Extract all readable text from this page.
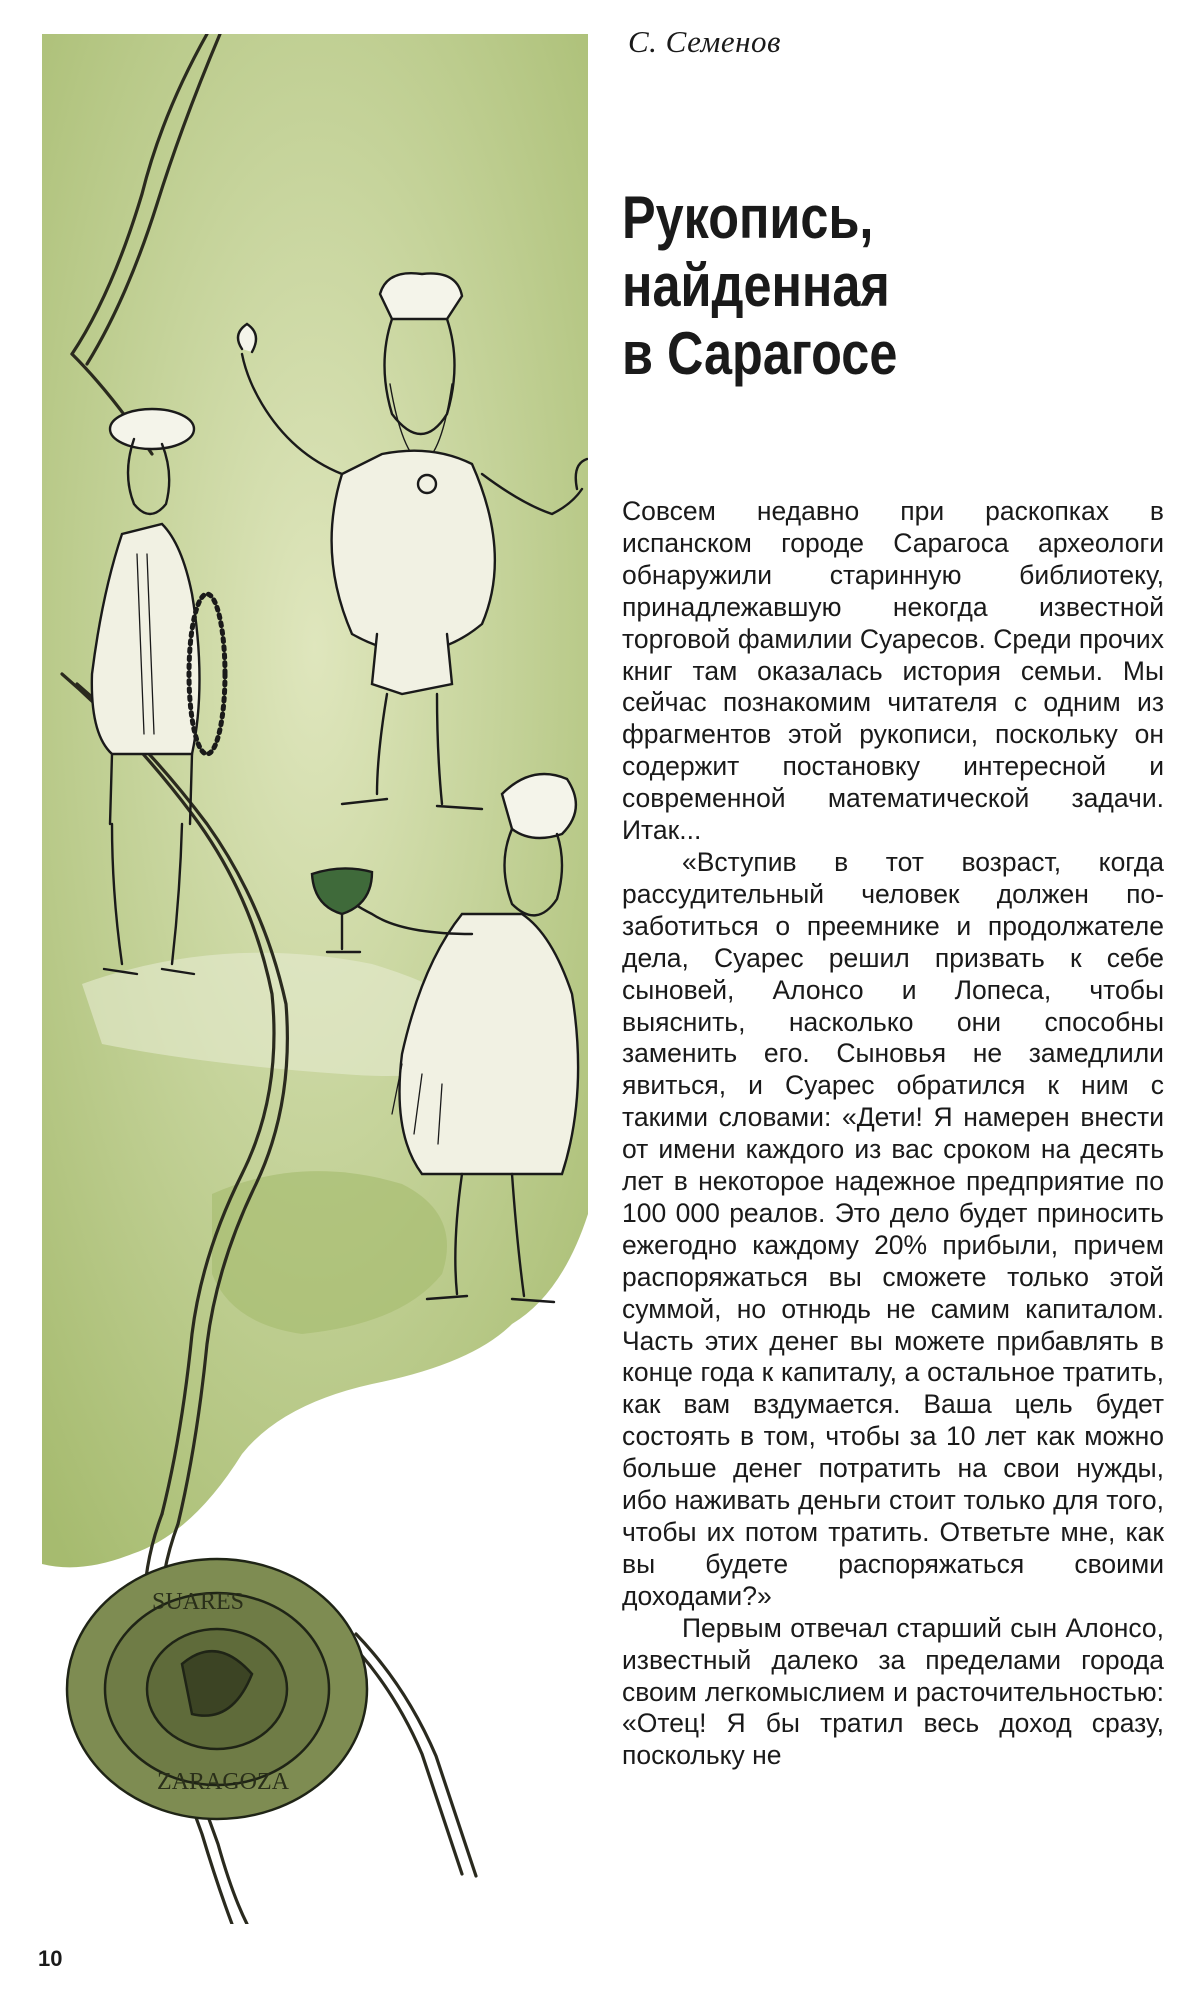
SUARES
ZARAGOZA
С. Семенов
Рукопись,
найденная
в Сарагосе

Совсем недавно при раскопках в испанском городе Сарагоса археологи обнаружили старинную библиотеку, принадлежавшую некогда известной торговой фамилии Суаресов. Среди прочих книг там оказалась история семьи. Мы сейчас познакомим читателя с одним из фрагментов этой рукописи, поскольку он содержит постановку интересной и современной математической задачи. Итак...

«Вступив в тот возраст, когда рассудительный человек должен позаботиться о преемнике и продолжателе дела, Суарес решил призвать к себе сыновей, Алонсо и Лопеса, чтобы выяснить, насколько они способны заменить его. Сыновья не замедлили явиться, и Суарес обратился к ним с такими словами: «Дети! Я намерен внести от имени каждого из вас сроком на десять лет в некоторое надежное предприятие по 100 000 реалов. Это дело будет приносить ежегодно каждому 20% прибыли, причем распоряжаться вы сможете только этой суммой, но отнюдь не самим капиталом. Часть этих денег вы можете прибавлять в конце года к капиталу, а остальное тратить, как вам вздумается. Ваша цель будет состоять в том, чтобы за 10 лет как можно больше денег потратить на свои нужды, ибо наживать деньги стоит только для того, чтобы их потом тратить. Ответьте мне, как вы будете распоряжаться своими доходами?»

Первым отвечал старший сын Алонсо, известный далеко за пределами города своим легкомыслием и расточительностью: «Отец! Я бы тратил весь доход сразу, поскольку не

10
